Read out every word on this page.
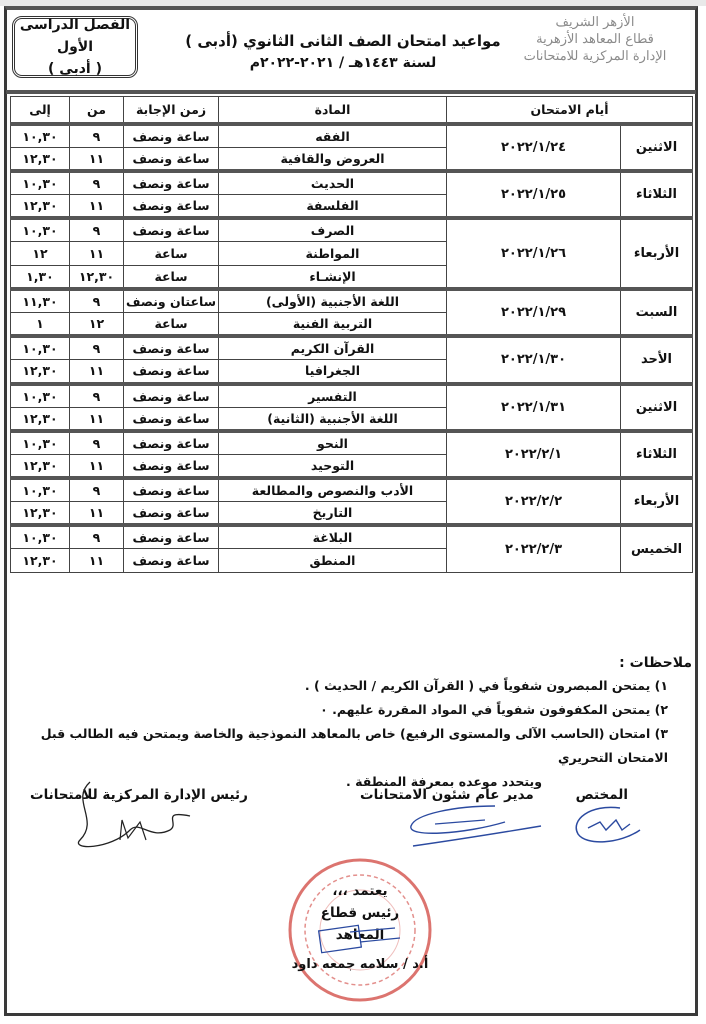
الفصل الدراسى الأول
( أدبى )
مواعيد امتحان الصف الثانى الثانوي (أدبى )
لسنة ١٤٤٣هـ / ٢٠٢١-٢٠٢٢م
الأزهر الشريف
قطاع المعاهد الأزهرية
الإدارة المركزية للامتحانات
أيام الامتحان		المادة	زمن الإجابة	من	إلى
الاثنين	٢٠٢٢/١/٢٤	الفقه	ساعة ونصف	٩	١٠,٣٠
		العروض والقافية	ساعة ونصف	١١	١٢,٣٠
الثلاثاء	٢٠٢٢/١/٢٥	الحديث	ساعة ونصف	٩	١٠,٣٠
		الفلسفة	ساعة ونصف	١١	١٢,٣٠
الأربعاء	٢٠٢٢/١/٢٦	الصرف	ساعة ونصف	٩	١٠,٣٠
		المواطنة	ساعة	١١	١٢
		الإنشـاء	ساعة	١٢,٣٠	١,٣٠
السبت	٢٠٢٢/١/٢٩	اللغة الأجنبية (الأولى)	ساعتان ونصف	٩	١١,٣٠
		التربية الفنية	ساعة	١٢	١
الأحد	٢٠٢٢/١/٣٠	القرآن الكريم	ساعة ونصف	٩	١٠,٣٠
		الجغرافيا	ساعة ونصف	١١	١٢,٣٠
الاثنين	٢٠٢٢/١/٣١	التفسير	ساعة ونصف	٩	١٠,٣٠
		اللغة الأجنبية (الثانية)	ساعة ونصف	١١	١٢,٣٠
الثلاثاء	٢٠٢٢/٢/١	النحو	ساعة ونصف	٩	١٠,٣٠
		التوحيد	ساعة ونصف	١١	١٢,٣٠
الأربعاء	٢٠٢٢/٢/٢	الأدب والنصوص والمطالعة	ساعة ونصف	٩	١٠,٣٠
		التاريخ	ساعة ونصف	١١	١٢,٣٠
الخميس	٢٠٢٢/٢/٣	البلاغة	ساعة ونصف	٩	١٠,٣٠
		المنطق	ساعة ونصف	١١	١٢,٣٠
ملاحظات :
١) يمتحن المبصرون شفوياً في ( القرآن الكريم / الحديث ) .
٢) يمتحن المكفوفون شفوياً في المواد المقررة عليهم. ٠
٣) امتحان (الحاسب الآلى والمستوى الرفيع) خاص بالمعاهد النموذجية والخاصة ويمتحن فيه الطالب قبل الامتحان التحريري
ويتحدد موعده بمعرفة المنطقة .
المختص
مدير عام شئون الامتحانات
رئيس الإدارة المركزية للامتحانات
يعتمد ،،،
رئيس قطاع المعاهد
أ.د / سلامه جمعه داود
